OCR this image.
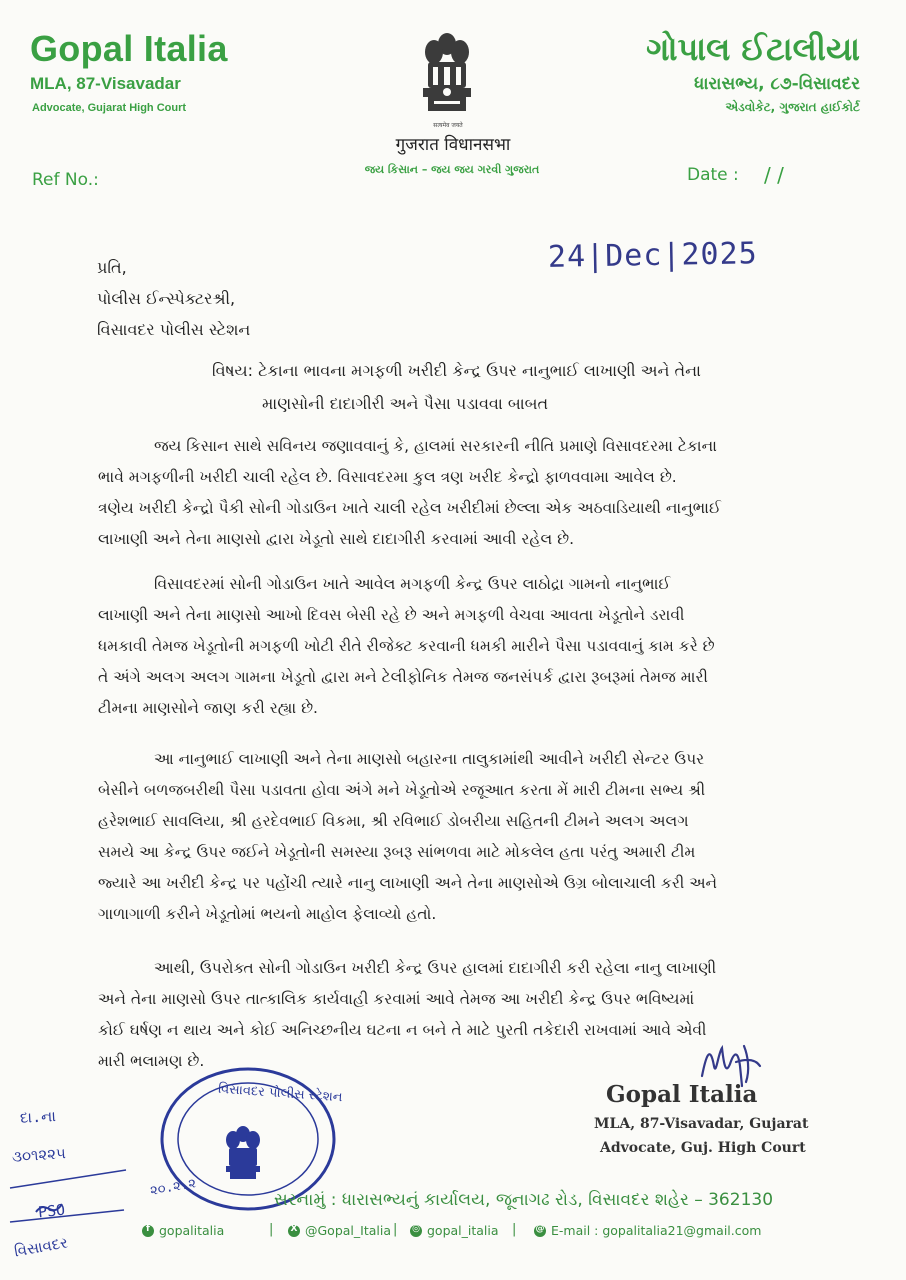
Gopal Italia
MLA, 87-Visavadar
Advocate, Gujarat High Court
ગોપાલ ઈટાલીયા
ધારાસભ્ય, ૮૭-વિસાવદર
એડવોકેટ, ગુજરાત હાઈકોર્ટ
सत्यमेव जयते
गुजरात विधानसभा
જય કિસાન – જય જય ગરવી ગુજરાત
Ref No.:	Date : / /
24|Dec|2025
પ્રતિ,
પોલીસ ઈન્સ્પેક્ટરશ્રી,
વિસાવદર પોલીસ સ્ટેશન
વિષય: ટેકાના ભાવના મગફળી ખરીદી કેન્દ્ર ઉપર નાનુભાઈ લાખાણી અને તેના
માણસોની દાદાગીરી અને પૈસા પડાવવા બાબત
જય કિસાન સાથે સવિનય જણાવવાનું કે, હાલમાં સરકારની નીતિ પ્રમાણે વિસાવદરમા ટેકાના
ભાવે મગફળીની ખરીદી ચાલી રહેલ છે. વિસાવદરમા કુલ ત્રણ ખરીદ કેન્દ્રો ફાળવવામા આવેલ છે.
ત્રણેય ખરીદી કેન્દ્રો પૈકી સોની ગોડાઉન ખાતે ચાલી રહેલ ખરીદીમાં છેલ્લા એક અઠવાડિયાથી નાનુભાઈ
લાખાણી અને તેના માણસો દ્વારા ખેડૂતો સાથે દાદાગીરી કરવામાં આવી રહેલ છે.
વિસાવદરમાં સોની ગોડાઉન ખાતે આવેલ મગફળી કેન્દ્ર ઉપર લાઠોદ્રા ગામનો નાનુભાઈ
લાખાણી અને તેના માણસો આખો દિવસ બેસી રહે છે અને મગફળી વેચવા આવતા ખેડૂતોને ડરાવી
ધમકાવી તેમજ ખેડૂતોની મગફળી ખોટી રીતે રીજેક્ટ કરવાની ધમકી મારીને પૈસા પડાવવાનું કામ કરે છે
તે અંગે અલગ અલગ ગામના ખેડૂતો દ્વારા મને ટેલીફોનિક તેમજ જનસંપર્ક દ્વારા રૂબરૂમાં તેમજ મારી
ટીમના માણસોને જાણ કરી રહ્યા છે.
આ નાનુભાઈ લાખાણી અને તેના માણસો બહારના તાલુકામાંથી આવીને ખરીદી સેન્ટર ઉપર
બેસીને બળજબરીથી પૈસા પડાવતા હોવા અંગે મને ખેડૂતોએ રજૂઆત કરતા મેં મારી ટીમના સભ્ય શ્રી
હરેશભાઈ સાવલિયા, શ્રી હરદેવભાઈ વિકમા, શ્રી રવિભાઈ ડોબરીયા સહિતની ટીમને અલગ અલગ
સમયે આ કેન્દ્ર ઉપર જઈને ખેડૂતોની સમસ્યા રૂબરૂ સાંભળવા માટે મોકલેલ હતા પરંતુ અમારી ટીમ
જ્યારે આ ખરીદી કેન્દ્ર પર પહોંચી ત્યારે નાનુ લાખાણી અને તેના માણસોએ ઉગ્ર બોલાચાલી કરી અને
ગાળાગાળી કરીને ખેડૂતોમાં ભયનો માહોલ ફેલાવ્યો હતો.
આથી, ઉપરોક્ત સોની ગોડાઉન ખરીદી કેન્દ્ર ઉપર હાલમાં દાદાગીરી કરી રહેલા નાનુ લાખાણી
અને તેના માણસો ઉપર તાત્કાલિક કાર્યવાહી કરવામાં આવે તેમજ આ ખરીદી કેન્દ્ર ઉપર ભવિષ્યમાં
કોઈ ઘર્ષણ ન થાય અને કોઈ અનિચ્છનીય ઘટના ન બને તે માટે પુરતી તકેદારી રાખવામાં આવે એવી
મારી ભલામણ છે.
Gopal Italia
MLA, 87-Visavadar, Gujarat
Advocate, Guj. High Court
વિસાવદર પોલીસ સ્ટેશન
દા.ના
૩૦૧૨૨૫
PSO
વિસાવદર
૨૦.૨.૨
સરનામું : ધારાસભ્યનું કાર્યાલય, જૂનાગઢ રોડ, વિસાવદર શહેર – 362130
f gopalitalia	| X @Gopal_Italia | ◎ gopal_italia | @ E-mail : gopalitalia21@gmail.com
